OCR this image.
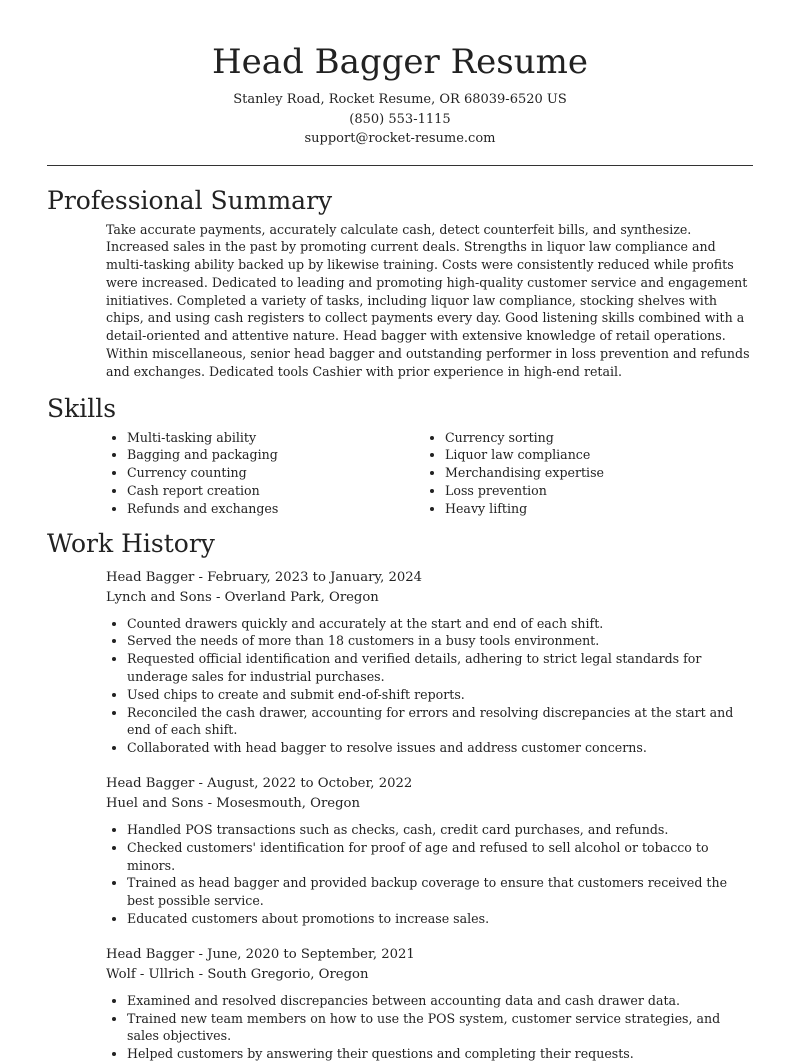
Head Bagger Resume
Stanley Road, Rocket Resume, OR 68039-6520 US
(850) 553-1115
support@rocket-resume.com
Professional Summary

Take accurate payments, accurately calculate cash, detect counterfeit bills, and synthesize. Increased sales in the past by promoting current deals. Strengths in liquor law compliance and multi-tasking ability backed up by likewise training. Costs were consistently reduced while profits were increased. Dedicated to leading and promoting high-quality customer service and engagement initiatives. Completed a variety of tasks, including liquor law compliance, stocking shelves with chips, and using cash registers to collect payments every day. Good listening skills combined with a detail-oriented and attentive nature. Head bagger with extensive knowledge of retail operations. Within miscellaneous, senior head bagger and outstanding performer in loss prevention and refunds and exchanges. Dedicated tools Cashier with prior experience in high-end retail.

Skills
• Multi-tasking ability
• Bagging and packaging
• Currency counting
• Cash report creation
• Refunds and exchanges
• Currency sorting
• Liquor law compliance
• Merchandising expertise
• Loss prevention
• Heavy lifting
Work History
Head Bagger - February, 2023 to January, 2024
Lynch and Sons - Overland Park, Oregon
• Counted drawers quickly and accurately at the start and end of each shift.
• Served the needs of more than 18 customers in a busy tools environment.
• Requested official identification and verified details, adhering to strict legal standards for underage sales for industrial purchases.
• Used chips to create and submit end-of-shift reports.
• Reconciled the cash drawer, accounting for errors and resolving discrepancies at the start and end of each shift.
• Collaborated with head bagger to resolve issues and address customer concerns.
Head Bagger - August, 2022 to October, 2022
Huel and Sons - Mosesmouth, Oregon
• Handled POS transactions such as checks, cash, credit card purchases, and refunds.
• Checked customers' identification for proof of age and refused to sell alcohol or tobacco to minors.
• Trained as head bagger and provided backup coverage to ensure that customers received the best possible service.
• Educated customers about promotions to increase sales.
Head Bagger - June, 2020 to September, 2021
Wolf - Ullrich - South Gregorio, Oregon
• Examined and resolved discrepancies between accounting data and cash drawer data.
• Trained new team members on how to use the POS system, customer service strategies, and sales objectives.
• Helped customers by answering their questions and completing their requests.
